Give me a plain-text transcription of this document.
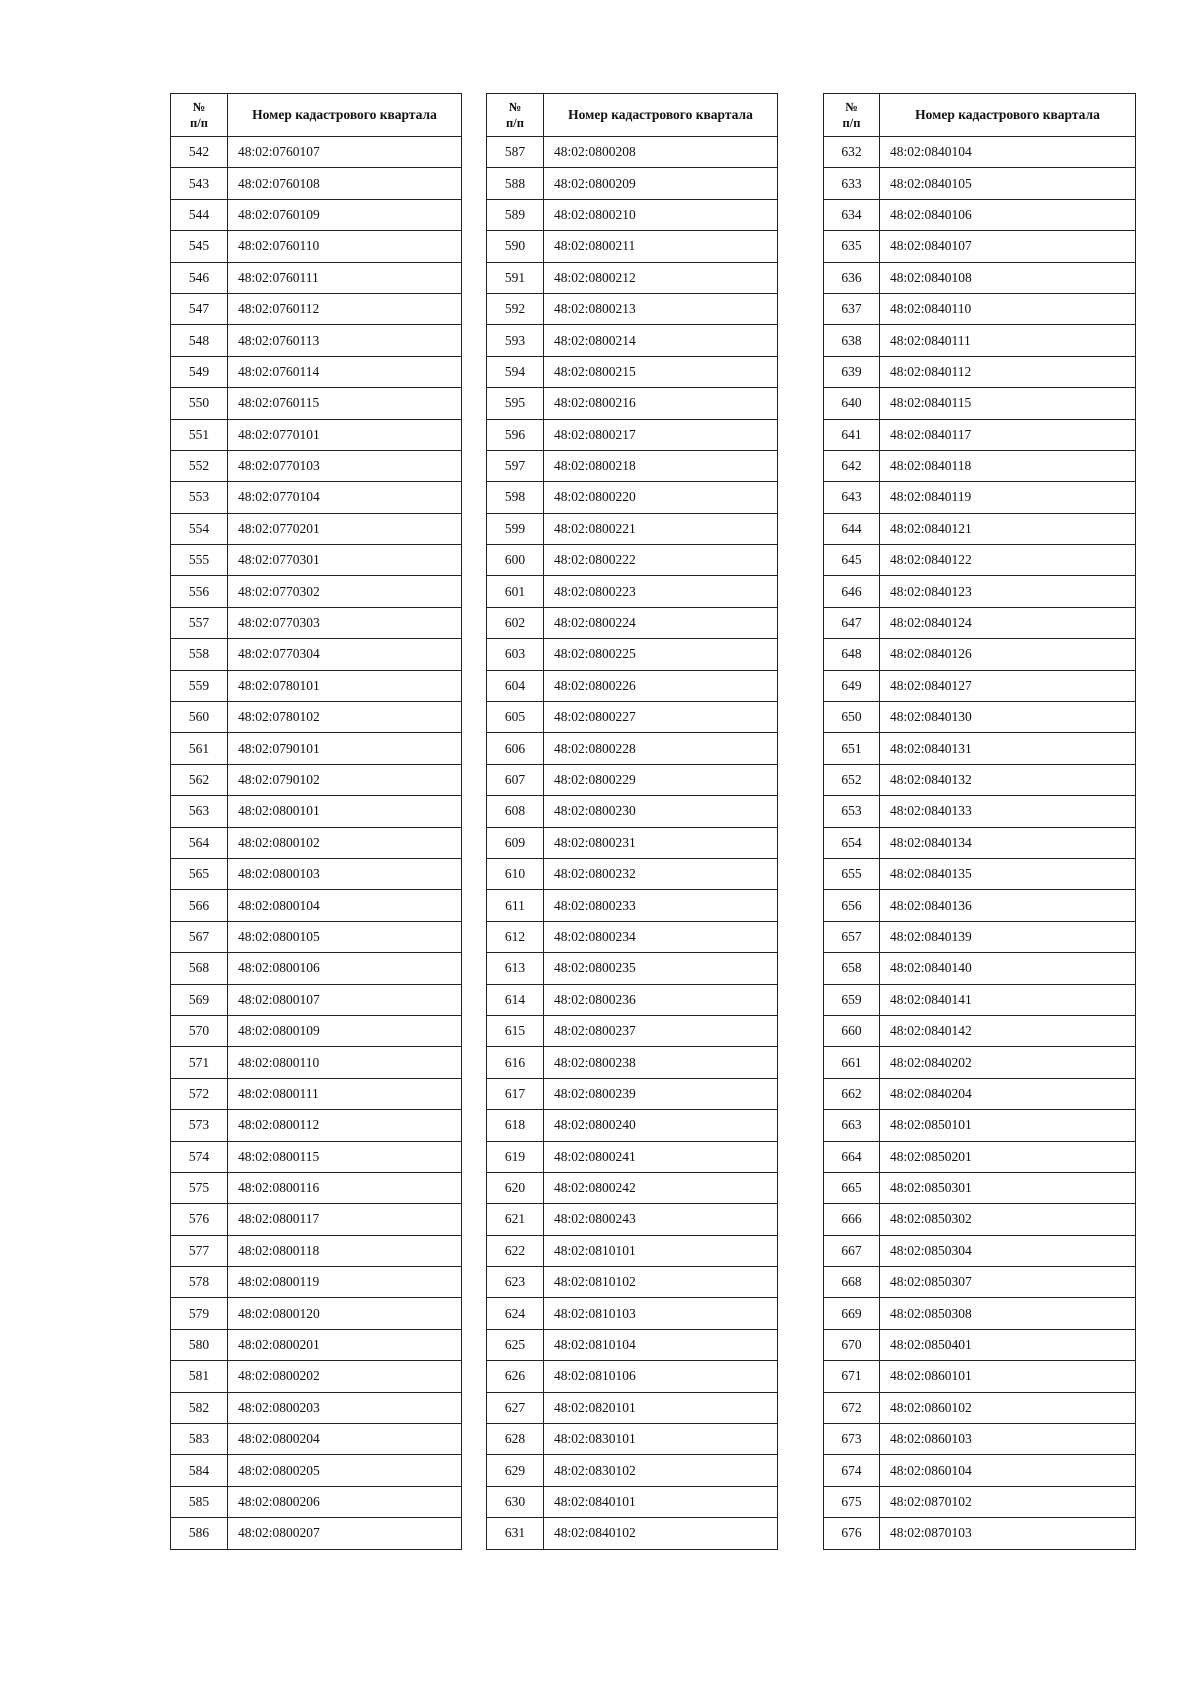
№
п/п	Номер кадастрового квартала
542	48:02:0760107
543	48:02:0760108
544	48:02:0760109
545	48:02:0760110
546	48:02:0760111
547	48:02:0760112
548	48:02:0760113
549	48:02:0760114
550	48:02:0760115
551	48:02:0770101
552	48:02:0770103
553	48:02:0770104
554	48:02:0770201
555	48:02:0770301
556	48:02:0770302
557	48:02:0770303
558	48:02:0770304
559	48:02:0780101
560	48:02:0780102
561	48:02:0790101
562	48:02:0790102
563	48:02:0800101
564	48:02:0800102
565	48:02:0800103
566	48:02:0800104
567	48:02:0800105
568	48:02:0800106
569	48:02:0800107
570	48:02:0800109
571	48:02:0800110
572	48:02:0800111
573	48:02:0800112
574	48:02:0800115
575	48:02:0800116
576	48:02:0800117
577	48:02:0800118
578	48:02:0800119
579	48:02:0800120
580	48:02:0800201
581	48:02:0800202
582	48:02:0800203
583	48:02:0800204
584	48:02:0800205
585	48:02:0800206
586	48:02:0800207
№
п/п	Номер кадастрового квартала
587	48:02:0800208
588	48:02:0800209
589	48:02:0800210
590	48:02:0800211
591	48:02:0800212
592	48:02:0800213
593	48:02:0800214
594	48:02:0800215
595	48:02:0800216
596	48:02:0800217
597	48:02:0800218
598	48:02:0800220
599	48:02:0800221
600	48:02:0800222
601	48:02:0800223
602	48:02:0800224
603	48:02:0800225
604	48:02:0800226
605	48:02:0800227
606	48:02:0800228
607	48:02:0800229
608	48:02:0800230
609	48:02:0800231
610	48:02:0800232
611	48:02:0800233
612	48:02:0800234
613	48:02:0800235
614	48:02:0800236
615	48:02:0800237
616	48:02:0800238
617	48:02:0800239
618	48:02:0800240
619	48:02:0800241
620	48:02:0800242
621	48:02:0800243
622	48:02:0810101
623	48:02:0810102
624	48:02:0810103
625	48:02:0810104
626	48:02:0810106
627	48:02:0820101
628	48:02:0830101
629	48:02:0830102
630	48:02:0840101
631	48:02:0840102
№
п/п	Номер кадастрового квартала
632	48:02:0840104
633	48:02:0840105
634	48:02:0840106
635	48:02:0840107
636	48:02:0840108
637	48:02:0840110
638	48:02:0840111
639	48:02:0840112
640	48:02:0840115
641	48:02:0840117
642	48:02:0840118
643	48:02:0840119
644	48:02:0840121
645	48:02:0840122
646	48:02:0840123
647	48:02:0840124
648	48:02:0840126
649	48:02:0840127
650	48:02:0840130
651	48:02:0840131
652	48:02:0840132
653	48:02:0840133
654	48:02:0840134
655	48:02:0840135
656	48:02:0840136
657	48:02:0840139
658	48:02:0840140
659	48:02:0840141
660	48:02:0840142
661	48:02:0840202
662	48:02:0840204
663	48:02:0850101
664	48:02:0850201
665	48:02:0850301
666	48:02:0850302
667	48:02:0850304
668	48:02:0850307
669	48:02:0850308
670	48:02:0850401
671	48:02:0860101
672	48:02:0860102
673	48:02:0860103
674	48:02:0860104
675	48:02:0870102
676	48:02:0870103
